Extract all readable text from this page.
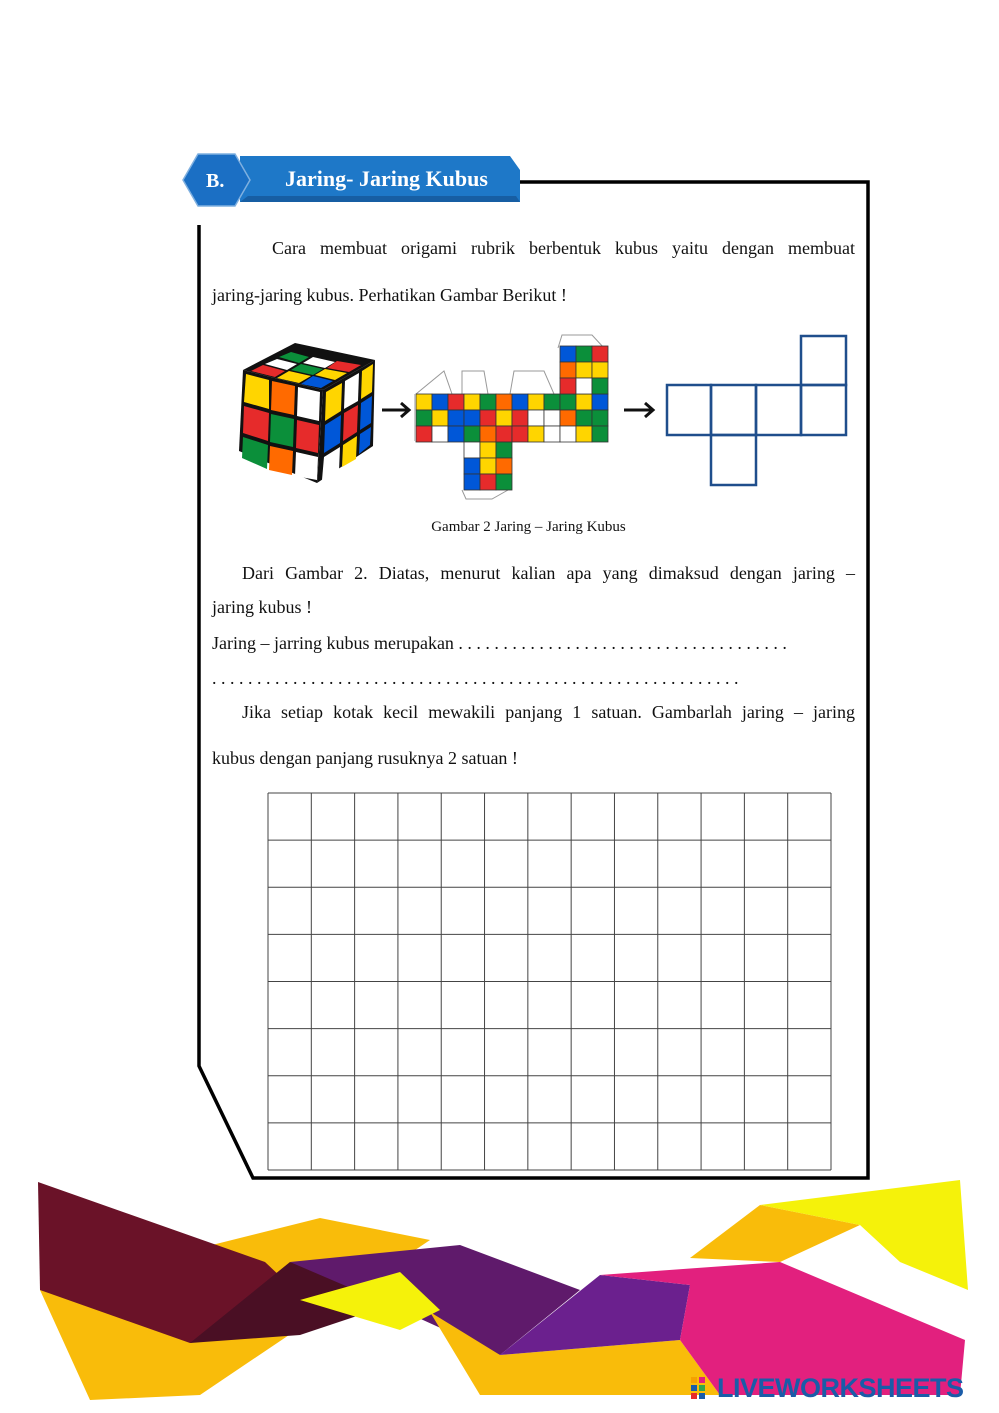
B.	Jaring- Jaring Kubus
Cara membuat origami rubrik berbentuk kubus yaitu dengan membuat
jaring-jaring kubus. Perhatikan Gambar Berikut !
Gambar 2 Jaring – Jaring Kubus
Dari Gambar 2. Diatas, menurut kalian apa yang dimaksud dengan jaring –
jaring kubus !
Jaring – jarring kubus merupakan . . . . . . . . . . . . . . . . . . . . . . . . . . . . . . . . . . . . .
. . . . . . . . . . . . . . . . . . . . . . . . . . . . . . . . . . . . . . . . . . . . . . . . . . . . . . . . . . .
Jika setiap kotak kecil mewakili panjang 1 satuan. Gambarlah jaring – jaring
kubus dengan panjang rusuknya 2 satuan !
LIVEWORKSHEETS
